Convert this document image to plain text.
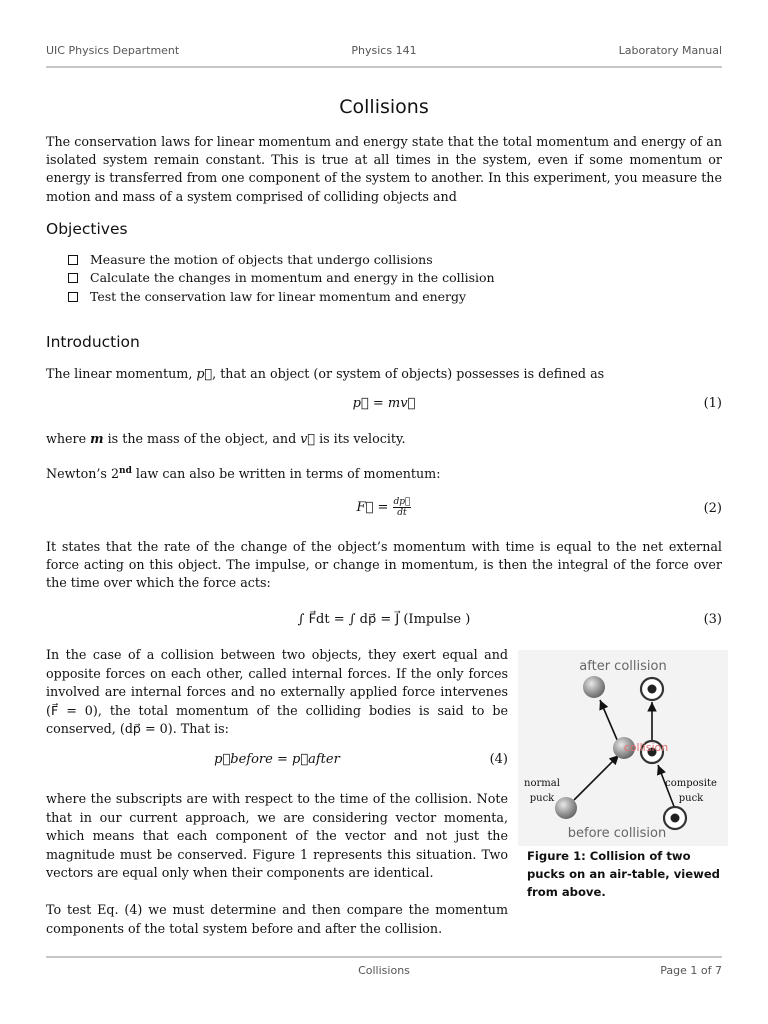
UIC Physics Department	Physics 141	Laboratory Manual
Collisions
The conservation laws for linear momentum and energy state that the total momentum and energy of an isolated system remain constant. This is true at all times in the system, even if some momentum or energy is transferred from one component of the system to another. In this experiment, you measure the motion and mass of a system comprised of colliding objects and
Objectives
Measure the motion of objects that undergo collisions
Calculate the changes in momentum and energy in the collision
Test the conservation law for linear momentum and energy
Introduction
The linear momentum, p⃗, that an object (or system of objects) possesses is defined as
p⃗ = mv⃗	(1)
where m is the mass of the object, and v⃗ is its velocity.
Newton’s 2nd law can also be written in terms of momentum:
F⃗ = $\frac{dp⃗}{dt}$	(2)
It states that the rate of the change of the object’s momentum with time is equal to the net external force acting on this object. The impulse, or change in momentum, is then the integral of the force over the time over which the force acts:
∫ F⃗dt = ∫ dp⃗ = J⃗ (Impulse )	(3)
In the case of a collision between two objects, they exert equal and opposite forces on each other, called internal forces. If the only forces involved are internal forces and no externally applied force intervenes (F⃗ = 0), the total momentum of the colliding bodies is said to be conserved, (dp⃗ = 0). That is:
p⃗before = p⃗after	(4)
where the subscripts are with respect to the time of the collision. Note that in our current approach, we are considering vector momenta, which means that each component of the vector and not just the magnitude must be conserved. Figure 1 represents this situation. Two vectors are equal only when their components are identical.
To test Eq. (4) we must determine and then compare the momentum components of the total system before and after the collision.
after collision
before collision
collision
normal
puck
composite
puck
Figure 1: Collision of two pucks on an air-table, viewed from above.
Collisions	Page 1 of 7
